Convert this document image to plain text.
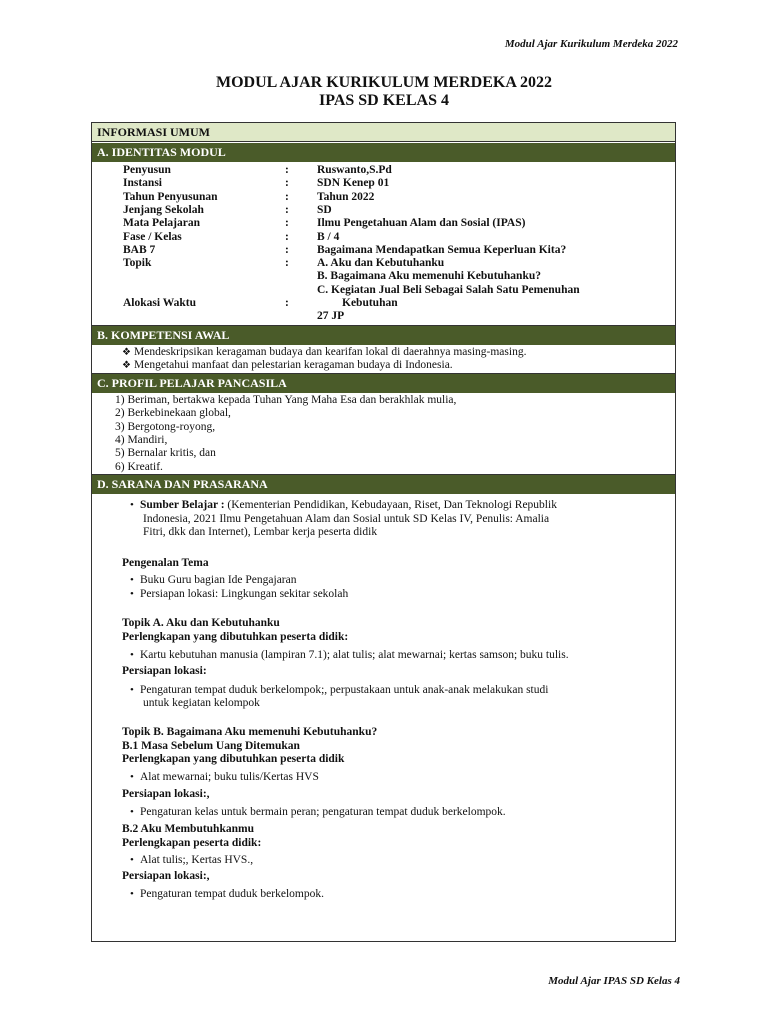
Modul Ajar Kurikulum Merdeka 2022
MODUL AJAR KURIKULUM MERDEKA 2022
IPAS SD KELAS 4
INFORMASI UMUM
A. IDENTITAS MODUL
Penyusun	: Ruswanto,S.Pd
Instansi	: SDN Kenep 01
Tahun Penyusunan	: Tahun 2022
Jenjang Sekolah	: SD
Mata Pelajaran	: Ilmu Pengetahuan Alam dan Sosial (IPAS)
Fase / Kelas	: B / 4
BAB 7	: Bagaimana Mendapatkan Semua Keperluan Kita?
Topik	: A. Aku dan Kebutuhanku
B. Bagaimana Aku memenuhi Kebutuhanku?
C. Kegiatan Jual Beli Sebagai Salah Satu Pemenuhan
Alokasi Waktu	:	Kebutuhan
27 JP
B. KOMPETENSI AWAL
❖ Mendeskripsikan keragaman budaya dan kearifan lokal di daerahnya masing-masing.
❖ Mengetahui manfaat dan pelestarian keragaman budaya di Indonesia.
C. PROFIL PELAJAR PANCASILA
1) Beriman, bertakwa kepada Tuhan Yang Maha Esa dan berakhlak mulia,
2) Berkebinekaan global,
3) Bergotong-royong,
4) Mandiri,
5) Bernalar kritis, dan
6) Kreatif.
D. SARANA DAN PRASARANA
• Sumber Belajar : (Kementerian Pendidikan, Kebudayaan, Riset, Dan Teknologi Republik
Indonesia, 2021 Ilmu Pengetahuan Alam dan Sosial untuk SD Kelas IV, Penulis: Amalia
Fitri, dkk dan Internet), Lembar kerja peserta didik
Pengenalan Tema
• Buku Guru bagian Ide Pengajaran
• Persiapan lokasi: Lingkungan sekitar sekolah
Topik A. Aku dan Kebutuhanku
Perlengkapan yang dibutuhkan peserta didik:
• Kartu kebutuhan manusia (lampiran 7.1); alat tulis; alat mewarnai; kertas samson; buku tulis.
Persiapan lokasi:
• Pengaturan tempat duduk berkelompok;, perpustakaan untuk anak-anak melakukan studi
untuk kegiatan kelompok
Topik B. Bagaimana Aku memenuhi Kebutuhanku?
B.1 Masa Sebelum Uang Ditemukan
Perlengkapan yang dibutuhkan peserta didik
• Alat mewarnai; buku tulis/Kertas HVS
Persiapan lokasi:,
• Pengaturan kelas untuk bermain peran; pengaturan tempat duduk berkelompok.
B.2 Aku Membutuhkanmu
Perlengkapan peserta didik:
• Alat tulis;, Kertas HVS.,
Persiapan lokasi:,
• Pengaturan tempat duduk berkelompok.
Modul Ajar IPAS SD Kelas 4
